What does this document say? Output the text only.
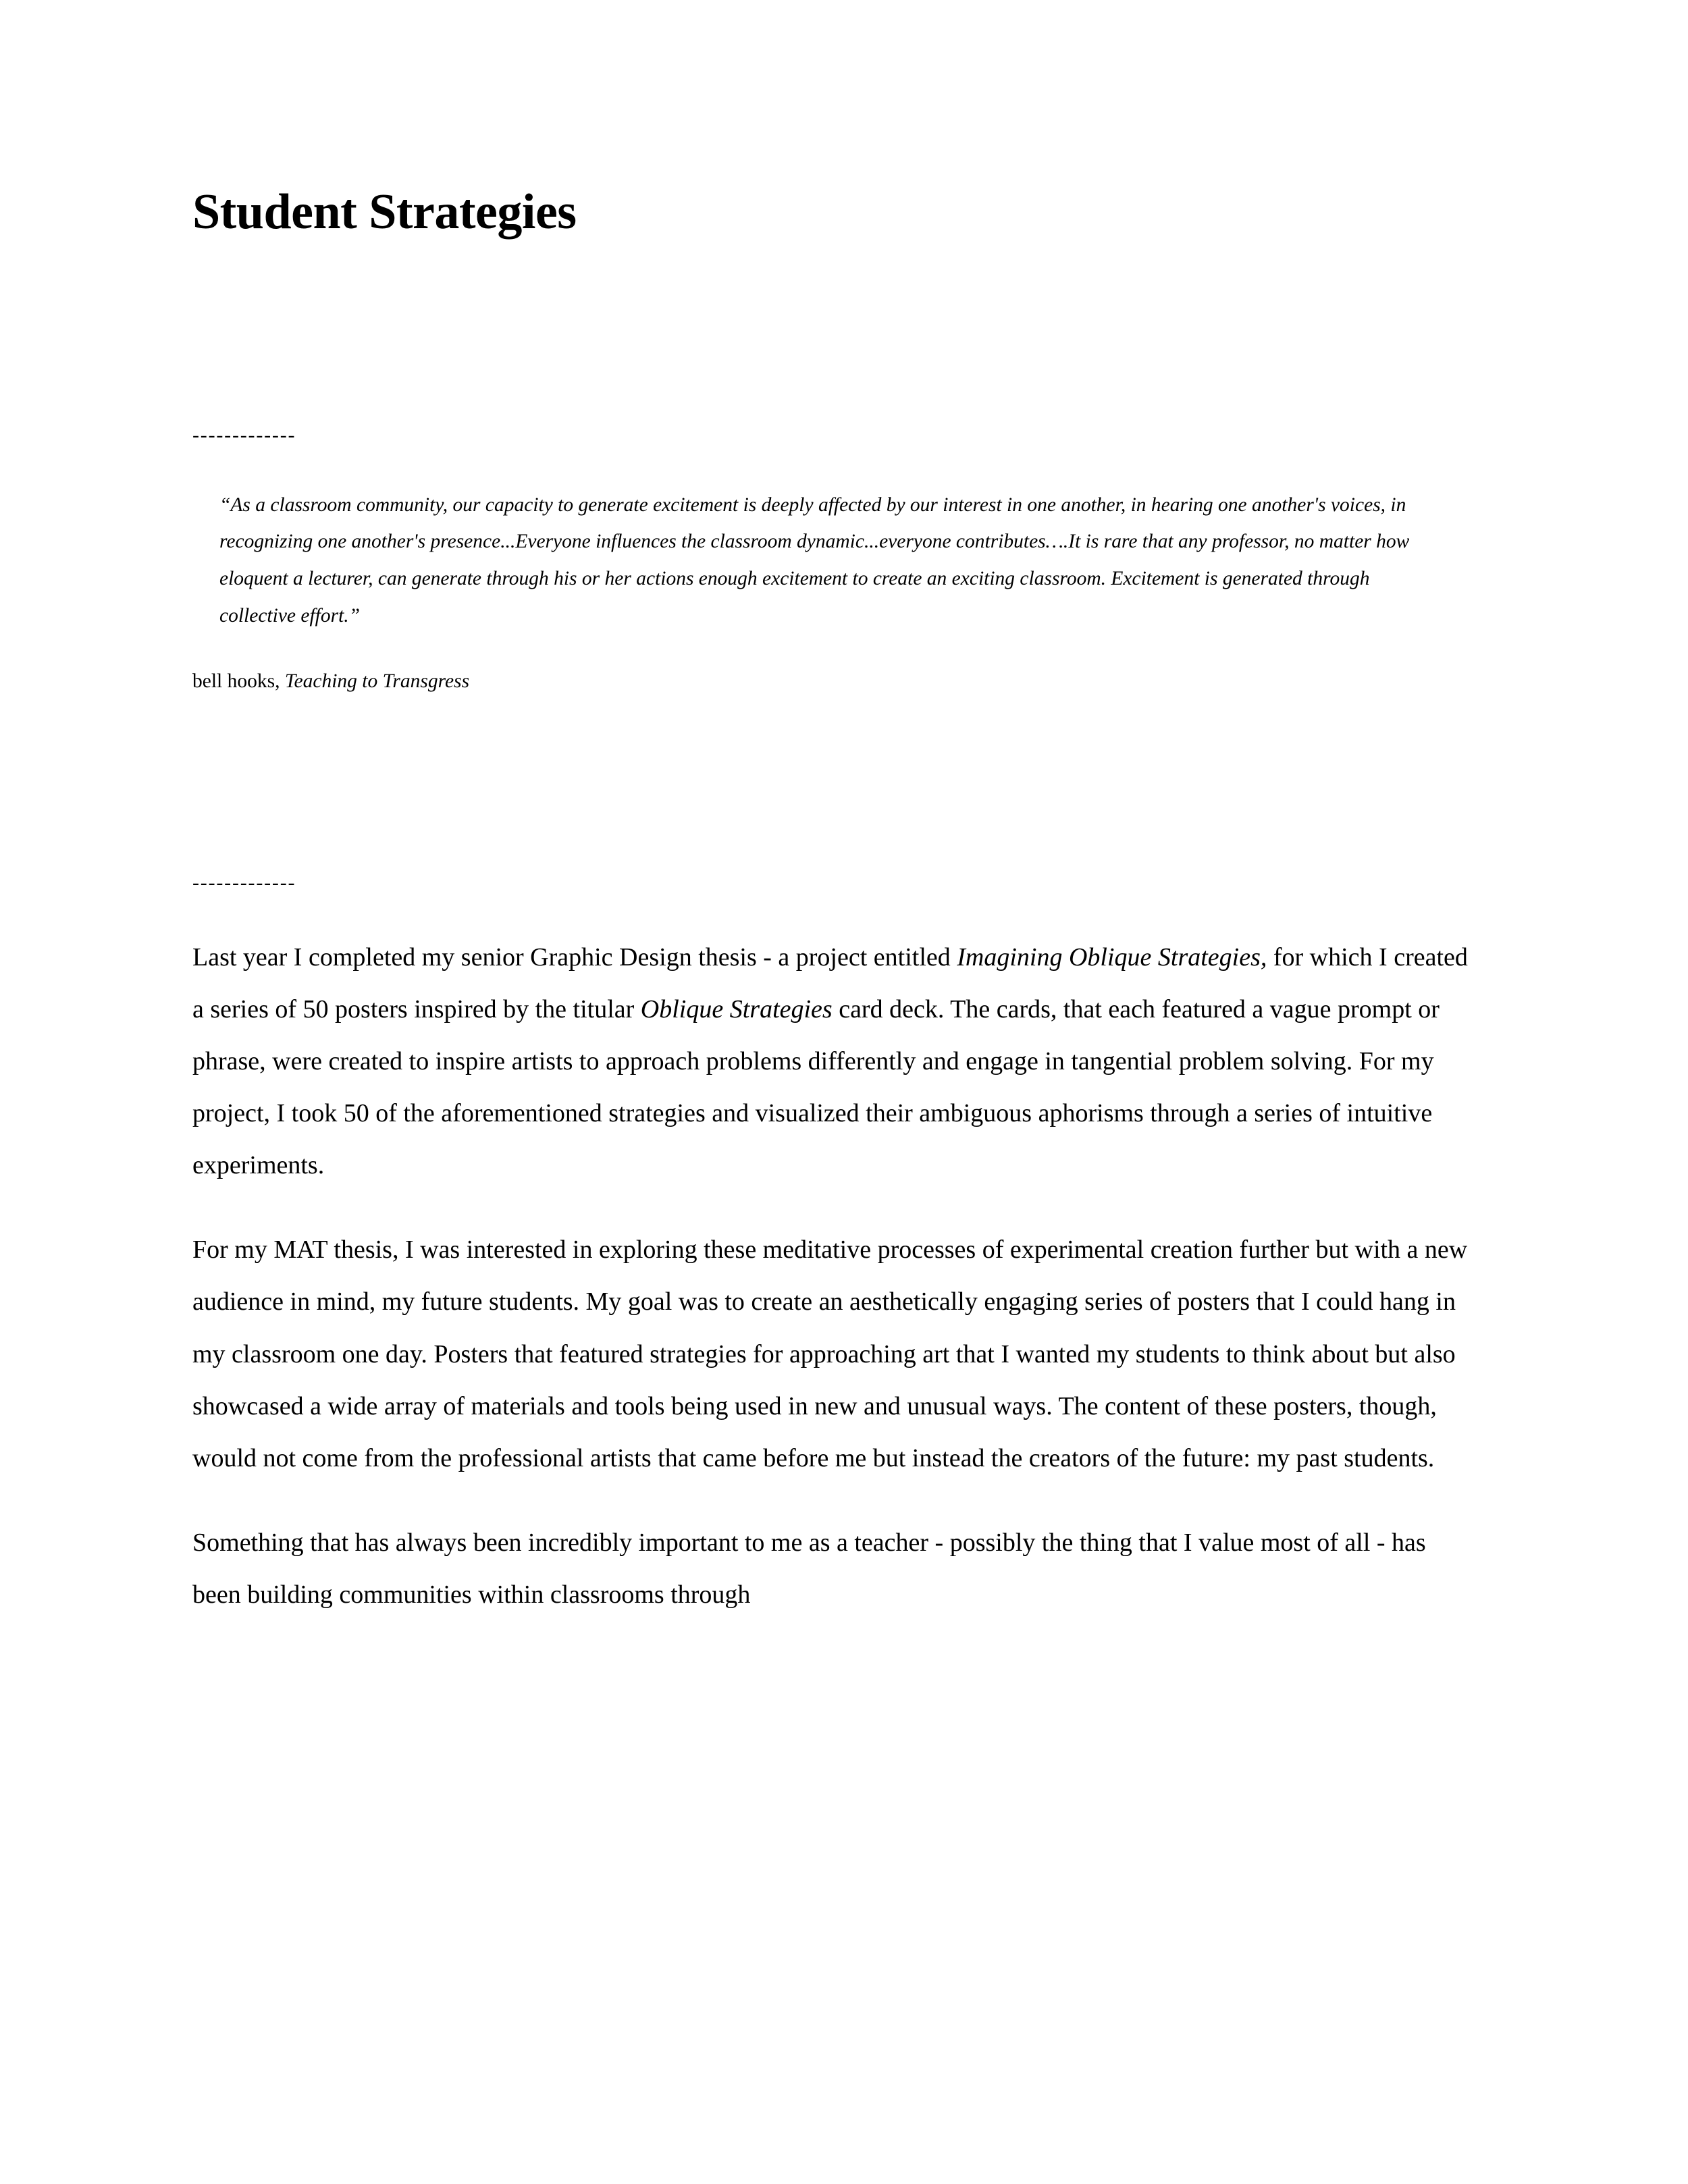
Student Strategies
-------------

“As a classroom community, our capacity to generate excitement is deeply affected by our interest in one another, in hearing one another's voices, in recognizing one another's presence...Everyone influences the classroom dynamic...everyone contributes….It is rare that any professor, no matter how eloquent a lecturer, can generate through his or her actions enough excitement to create an exciting classroom. Excitement is generated through collective effort.”

bell hooks, Teaching to Transgress
-------------

Last year I completed my senior Graphic Design thesis - a project entitled Imagining Oblique Strategies, for which I created a series of 50 posters inspired by the titular Oblique Strategies card deck. The cards, that each featured a vague prompt or phrase, were created to inspire artists to approach problems differently and engage in tangential problem solving. For my project, I took 50 of the aforementioned strategies and visualized their ambiguous aphorisms through a series of intuitive experiments.

For my MAT thesis, I was interested in exploring these meditative processes of experimental creation further but with a new audience in mind, my future students. My goal was to create an aesthetically engaging series of posters that I could hang in my classroom one day. Posters that featured strategies for approaching art that I wanted my students to think about but also showcased a wide array of materials and tools being used in new and unusual ways. The content of these posters, though, would not come from the professional artists that came before me but instead the creators of the future: my past students.

Something that has always been incredibly important to me as a teacher - possibly the thing that I value most of all - has been building communities within classrooms through
